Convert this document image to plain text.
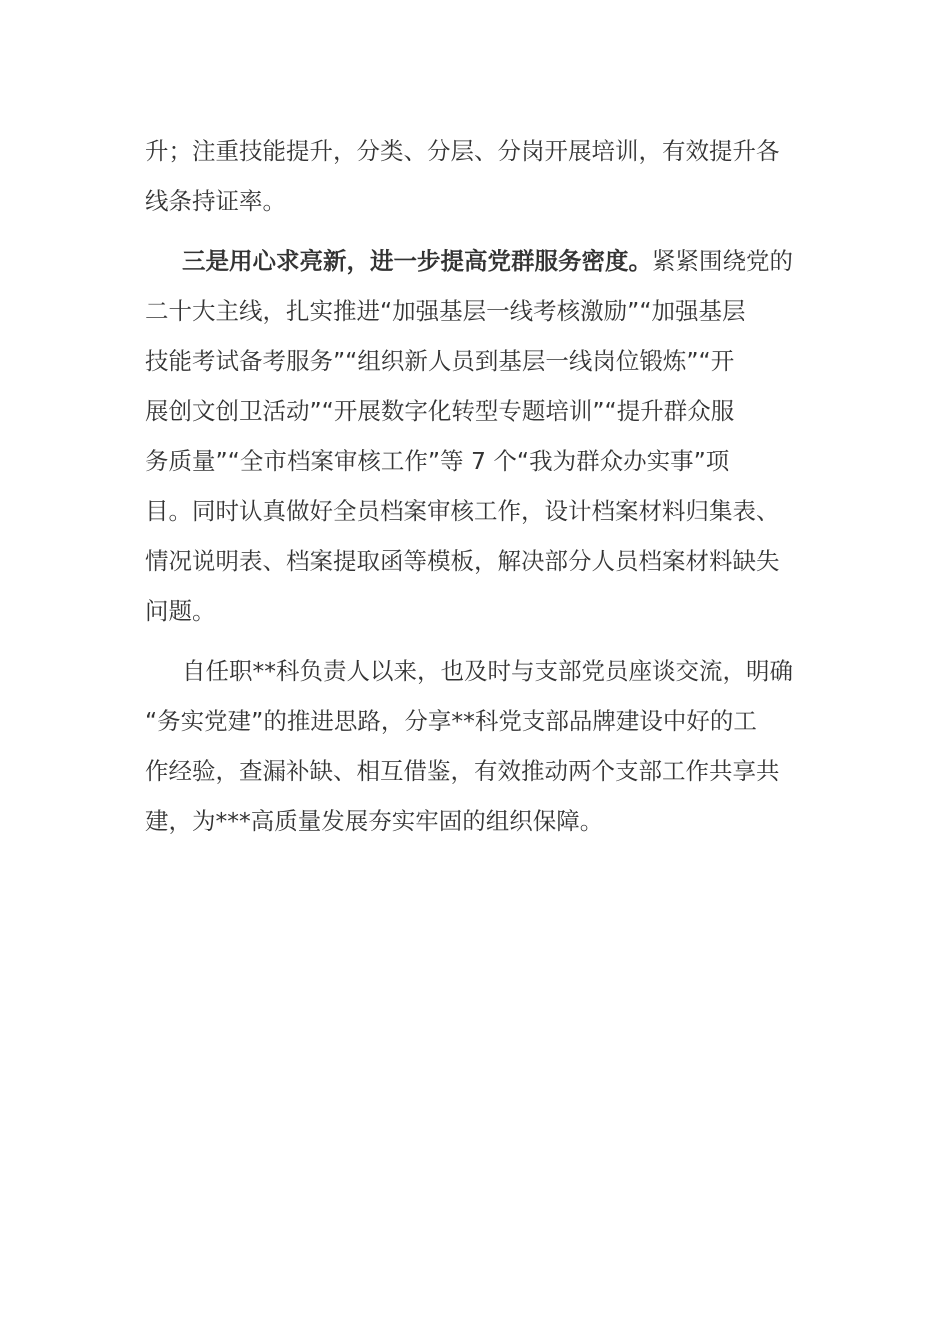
升；注重技能提升，分类、分层、分岗开展培训，有效提升各
线条持证率。
三是用心求亮新，进一步提高党群服务密度。紧紧围绕党的
二十大主线，扎实推进“加强基层一线考核激励”“加强基层
技能考试备考服务”“组织新人员到基层一线岗位锻炼”“开
展创文创卫活动”“开展数字化转型专题培训”“提升群众服
务质量”“全市档案审核工作”等 7 个“我为群众办实事”项
目。同时认真做好全员档案审核工作，设计档案材料归集表、
情况说明表、档案提取函等模板，解决部分人员档案材料缺失
问题。
自任职**科负责人以来，也及时与支部党员座谈交流，明确
“务实党建”的推进思路，分享**科党支部品牌建设中好的工
作经验，查漏补缺、相互借鉴，有效推动两个支部工作共享共
建，为***高质量发展夯实牢固的组织保障。
